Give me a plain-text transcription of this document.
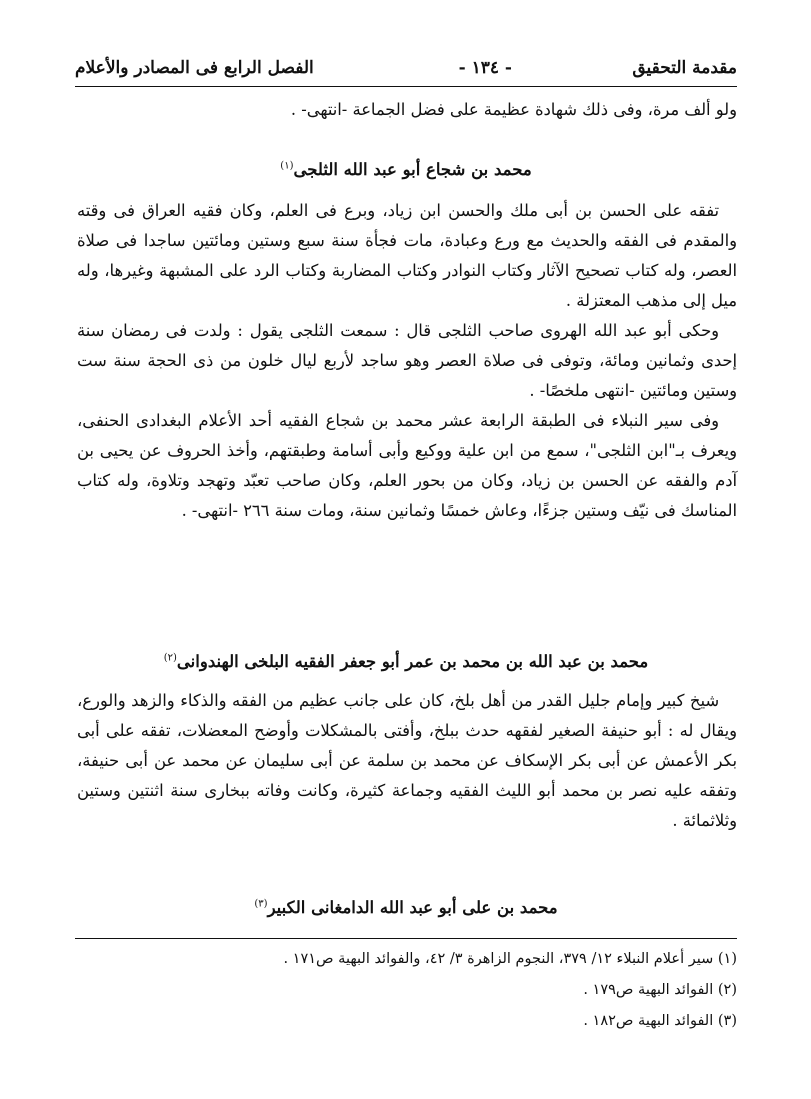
مقدمة التحقيق
- ١٣٤ -
الفصل الرابع فى المصادر والأعلام

ولو ألف مرة، وفى ذلك شهادة عظيمة على فضل الجماعة -انتهى- .

محمد بن شجاع أبو عبد الله الثلجى$^{(١)}$

تفقه على الحسن بن أبى ملك والحسن ابن زياد، وبرع فى العلم، وكان فقيه العراق فى وقته والمقدم فى الفقه والحديث مع ورع وعبادة، مات فجأة سنة سبع وستين ومائتين ساجدا فى صلاة العصر، وله كتاب تصحيح الآثار وكتاب النوادر وكتاب المضاربة وكتاب الرد على المشبهة وغيرها، وله ميل إلى مذهب المعتزلة .

وحكى أبو عبد الله الهروى صاحب الثلجى قال : سمعت الثلجى يقول : ولدت فى رمضان سنة إحدى وثمانين ومائة، وتوفى فى صلاة العصر وهو ساجد لأربع ليال خلون من ذى الحجة سنة ست وستين ومائتين -انتهى ملخصًا- .

وفى سير النبلاء فى الطبقة الرابعة عشر محمد بن شجاع الفقيه أحد الأعلام البغدادى الحنفى، ويعرف بـ"ابن الثلجى"، سمع من ابن علية ووكيع وأبى أسامة وطبقتهم، وأخذ الحروف عن يحيى بن آدم والفقه عن الحسن بن زياد، وكان من بحور العلم، وكان صاحب تعبّد وتهجد وتلاوة، وله كتاب المناسك فى نيّف وستين جزءًا، وعاش خمسًا وثمانين سنة، ومات سنة ٢٦٦ -انتهى- .

محمد بن عبد الله بن محمد بن عمر أبو جعفر الفقيه البلخى الهندوانى$^{(٢)}$

شيخ كبير وإمام جليل القدر من أهل بلخ، كان على جانب عظيم من الفقه والذكاء والزهد والورع، ويقال له : أبو حنيفة الصغير لفقهه حدث ببلخ، وأفتى بالمشكلات وأوضح المعضلات، تفقه على أبى بكر الأعمش عن أبى بكر الإسكاف عن محمد بن سلمة عن أبى سليمان عن محمد عن أبى حنيفة، وتفقه عليه نصر بن محمد أبو الليث الفقيه وجماعة كثيرة، وكانت وفاته ببخارى سنة اثنتين وستين وثلاثمائة .

محمد بن على أبو عبد الله الدامغانى الكبير$^{(٣)}$
(١) سير أعلام النبلاء ١٢/ ٣٧٩، النجوم الزاهرة ٣/ ٤٢، والفوائد البهية ص١٧١ .
(٢) الفوائد البهية ص١٧٩ .
(٣) الفوائد البهية ص١٨٢ .
